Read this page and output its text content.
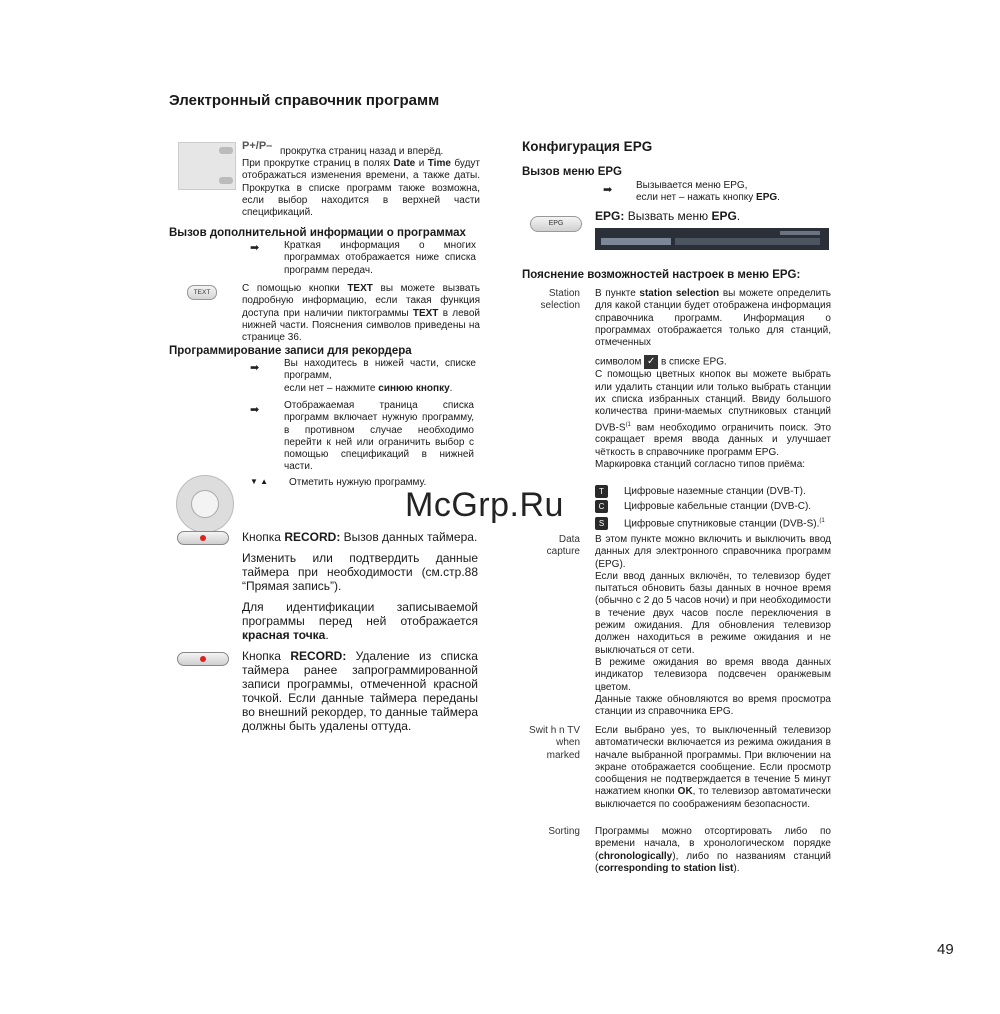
Электронный справочник программ
P+/P– прокрутка страниц назад и вперёд.
При прокрутке страниц в полях Date и Time будут отображаться изменения времени, а также даты. Прокрутка в списке программ также возможна, если выбор находится в верхней части спецификаций.
Вызов дополнительной информации о программах
➡ Краткая информация о многих программах отображается ниже списка программ передач.
TEXT	С помощью кнопки TEXT вы можете вызвать подробную информацию, если такая функция доступа при наличии пиктограммы TEXT в левой нижней части. Пояснения символов приведены на странице 36.
Программирование записи для рекордера
➡ Вы находитесь в нижей части, списке программ,
если нет – нажмите синюю кнопку.
➡ Отображаемая траница списка программ включает нужную программу, в противном случае необходимо перейти к ней или ограничить выбор с помощью спецификаций в нижней части.
▼ ▲ Отметить нужную программу.
Кнопка RECORD: Вызов данных таймера.
Изменить или подтвердить данные таймера при необходимости (см.стр.88 “Прямая запись”).
Для идентификации записываемой программы перед ней отображается красная точка.
Кнопка RECORD: Удаление из списка таймера ранее запрограммированной записи программы, отмеченной красной точкой. Если данные таймера переданы во внешний рекордер, то данные таймера должны быть удалены оттуда.
Конфигурация EPG
Вызов меню EPG
➡ Вызывается меню EPG,
если нет – нажать кнопку EPG.
EPG
EPG: Вызвать меню EPG.
Пояснение возможностей настроек в меню EPG:
Station selection
В пункте station selection вы можете определить для какой станции будет отображена информация справочника программ. Информация о программах отображается только для станций, отмеченных
символом ✓ в списке EPG.
С помощью цветных кнопок вы можете выбрать или удалить станции или только выбрать станции их списка избранных станций. Ввиду большого количества прини-маемых спутниковых станций DVB-$S^{(1}$ вам необходимо ограничить поиск. Это сокращает время ввода данных и улучшает чёткость в справочнике программ EPG.
Маркировка станций согласно типов приёма:
T Цифровые наземные станции (DVB-T).
C Цифровые кабельные станции (DVB-C).
S Цифровые спутниковые станции (DVB-S).$^{(1}$
Data capture
В этом пункте можно включить и выключить ввод данных для электронного справочника программ (EPG).
Если ввод данных включён, то телевизор будет пытаться обновить базы данных в ночное время (обычно с 2 до 5 часов ночи) и при необходимости в течение двух часов после переключения в режим ожидания. Для обновления телевизор должен находиться в режиме ожидания и не выключаться от сети.
В режиме ожидания во время ввода данных индикатор телевизора подсвечен оранжевым цветом.
Данные также обновляются во время просмотра станции из справочника EPG.
Swit h n TV when marked
Если выбрано yes, то выключенный телевизор автоматически включается из режима ожидания в начале выбранной программы. При включении на экране отображается сообщение. Если просмотр сообщения не подтверждается в течение 5 минут нажатием кнопки OK, то телевизор автоматически выключается по соображениям безопасности.
Sorting Программы можно отсортировать либо по времени начала, в хронологическом порядке (chronologically), либо по названиям станций (corresponding to station list).
McGrp.Ru
49
